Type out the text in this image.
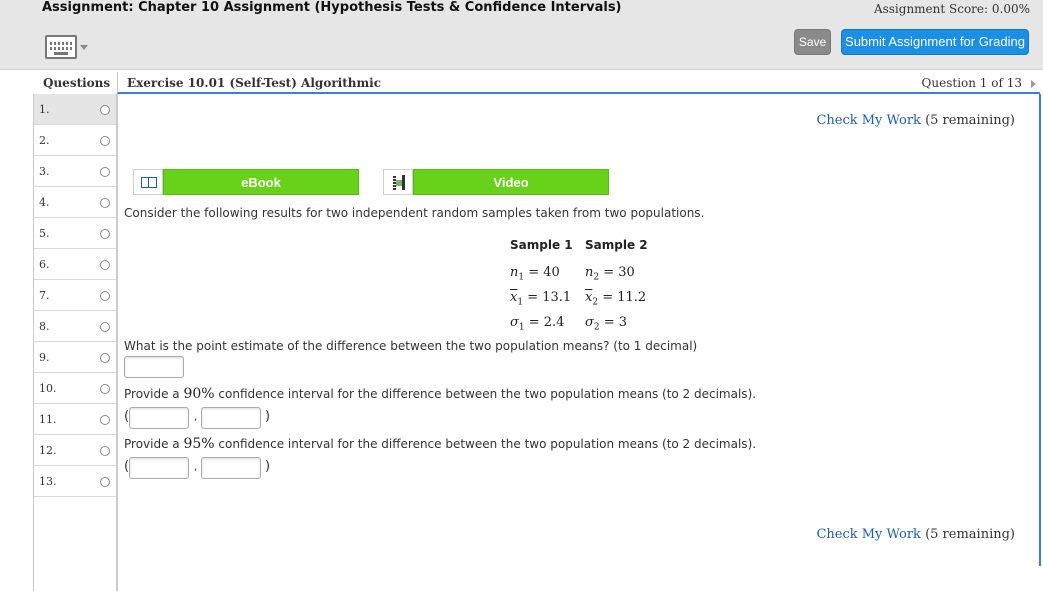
Assignment: Chapter 10 Assignment (Hypothesis Tests & Confidence Intervals)	Assignment Score: 0.00%
Save	Submit Assignment for Grading
Questions	Exercise 10.01 (Self-Test) Algorithmic	Question 1 of 13
1.
2.
3.
4.
5.
6.
7.
8.
9.
10.
11.
12.
13.
Check My Work (5 remaining)
eBook	Video
Consider the following results for two independent random samples taken from two populations.
Sample 1 Sample 2
$n_1 = 40$ $n_2 = 30$
$\overline{x}_1 = 13.1$ $\overline{x}_2 = 11.2$
$\sigma_1 = 2.4$ $\sigma_2 = 3$
What is the point estimate of the difference between the two population means? (to 1 decimal)
Provide a 90% confidence interval for the difference between the two population means (to 2 decimals).
(	,	)
Provide a 95% confidence interval for the difference between the two population means (to 2 decimals).
(	,	)
Check My Work (5 remaining)
